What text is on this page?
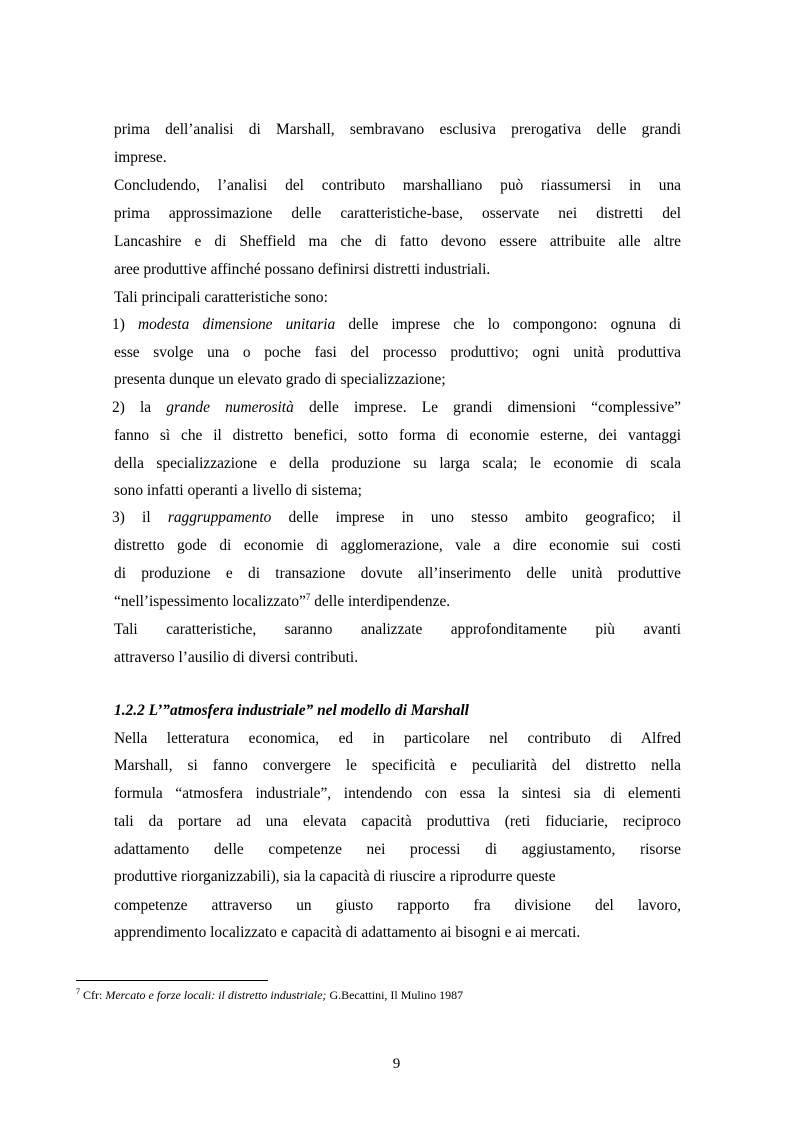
prima dell’analisi di Marshall, sembravano esclusiva prerogativa delle grandi
imprese.
Concludendo, l’analisi del contributo marshalliano può riassumersi in una
prima approssimazione delle caratteristiche-base, osservate nei distretti del
Lancashire e di Sheffield ma che di fatto devono essere attribuite alle altre
aree produttive affinché possano definirsi distretti industriali.
Tali principali caratteristiche sono:
1) modesta dimensione unitaria delle imprese che lo compongono: ognuna di
esse svolge una o poche fasi del processo produttivo; ogni unità produttiva
presenta dunque un elevato grado di specializzazione;
2) la grande numerosità delle imprese. Le grandi dimensioni “complessive”
fanno sì che il distretto benefici, sotto forma di economie esterne, dei vantaggi
della specializzazione e della produzione su larga scala; le economie di scala
sono infatti operanti a livello di sistema;
3) il raggruppamento delle imprese in uno stesso ambito geografico; il
distretto gode di economie di agglomerazione, vale a dire economie sui costi
di produzione e di transazione dovute all’inserimento delle unità produttive
“nell’ispessimento localizzato”$^7$ delle interdipendenze.
Tali caratteristiche, saranno analizzate approfonditamente più avanti
attraverso l’ausilio di diversi contributi.
1.2.2 L’”atmosfera industriale” nel modello di Marshall
Nella letteratura economica, ed in particolare nel contributo di Alfred
Marshall, si fanno convergere le specificità e peculiarità del distretto nella
formula “atmosfera industriale”, intendendo con essa la sintesi sia di elementi
tali da portare ad una elevata capacità produttiva (reti fiduciarie, reciproco
adattamento delle competenze nei processi di aggiustamento, risorse
produttive riorganizzabili), sia la capacità di riuscire a riprodurre queste
competenze attraverso un giusto rapporto fra divisione del lavoro,
apprendimento localizzato e capacità di adattamento ai bisogni e ai mercati.
$^7$ Cfr: Mercato e forze locali: il distretto industriale; G.Becattini, Il Mulino 1987
9
